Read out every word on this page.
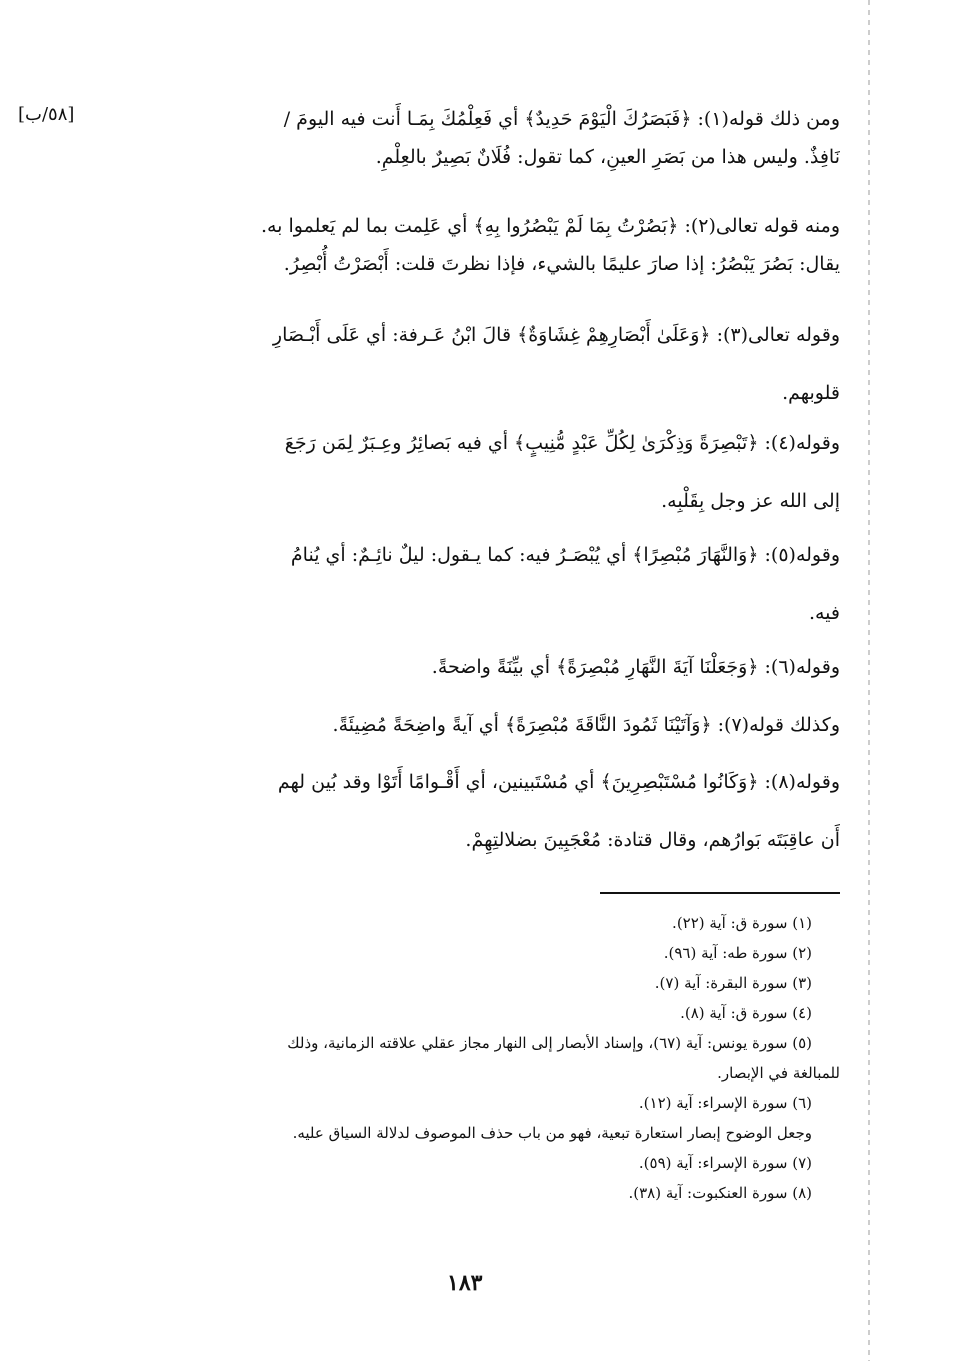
[٥٨/ب]	ومن ذلك قوله(١): ﴿فَبَصَرُكَ الْيَوْمَ حَدِيدٌ﴾ أي فَعِلْمُكَ بِمَـا أَنت فيه اليومَ /
نَافِذٌ. وليس هذا من بَصَرِ العينِ، كما تقول: فُلَانٌ بَصِيرٌ بالعِلْمِ.
ومنه قوله تعالى(٢): ﴿بَصُرْتُ بِمَا لَمْ يَبْصُرُوا بِهِ﴾ أي عَلِمت بما لم يَعلموا به.
يقال: بَصُرَ يَبْصُرُ: إذا صارَ عليمًا بالشيء، فإذا نظرتَ قلت: أَبْصَرْتُ أُبْصِرُ.
وقوله تعالى(٣): ﴿وَعَلَىٰ أَبْصَارِهِمْ غِشَاوَةٌ﴾ قالَ ابْنُ عَـرفة: أي عَلَى أَبْـصَارِ
قلوبهم.
وقوله(٤): ﴿تَبْصِرَةً وَذِكْرَىٰ لِكُلِّ عَبْدٍ مُّنِيبٍ﴾ أي فيه بَصائِرُ وعِـبَرٌ لِمَن رَجَعَ
إلى الله عز وجل بِقَلْبِه.
وقوله(٥): ﴿وَالنَّهَارَ مُبْصِرًا﴾ أي يُبْصَـرُ فيه: كما يـقول: ليلٌ نائِـمٌ: أي يُنامُ
فيه.
وقوله(٦): ﴿وَجَعَلْنَا آيَةَ النَّهَارِ مُبْصِرَةً﴾ أي بيِّنَةً واضحةً.
وكذلك قوله(٧): ﴿وَآتَيْنَا ثَمُودَ النَّاقَةَ مُبْصِرَةً﴾ أي آيةً واضِحَةً مُضِيئَةً.
وقوله(٨): ﴿وَكَانُوا مُسْتَبْصِرِينَ﴾ أي مُسْتَبينين، أي أَقْـوامًا أَتَوْا وقد بُين لهم
أَن عاقِبَتَه بَوارُهم، وقال قتادة: مُعْجَبِينَ بضلالتِهِمْ.
(١) سورة ق: آية (٢٢).
(٢) سورة طه: آية (٩٦).
(٣) سورة البقرة: آية (٧).
(٤) سورة ق: آية (٨).
(٥) سورة يونس: آية (٦٧)، وإسناد الأبصار إلى النهار مجاز عقلي علاقته الزمانية، وذلك
للمبالغة في الإبصار.
(٦) سورة الإسراء: آية (١٢).
وجعل الوضوح إبصار استعارة تبعية، فهو من باب حذف الموصوف لدلالة السياق عليه.
(٧) سورة الإسراء: آية (٥٩).
(٨) سورة العنكبوت: آية (٣٨).
١٨٣
